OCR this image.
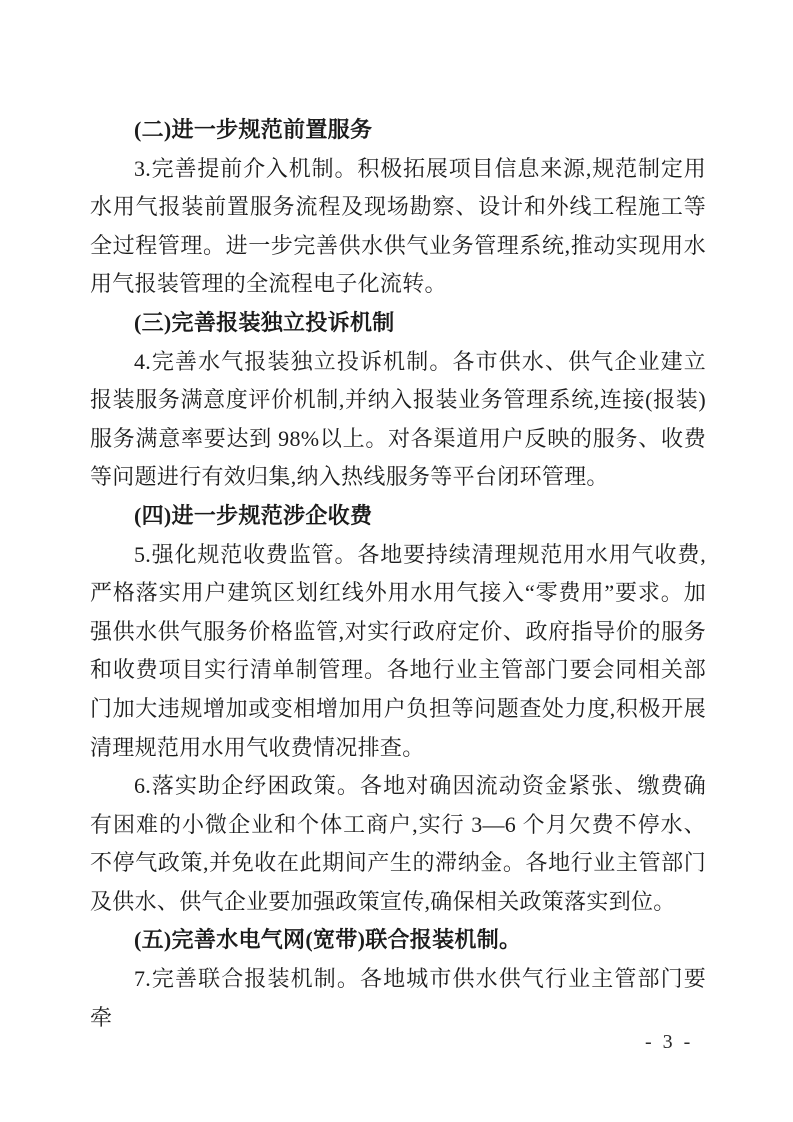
(二)进一步规范前置服务

3.完善提前介入机制。积极拓展项目信息来源,规范制定用水用气报装前置服务流程及现场勘察、设计和外线工程施工等全过程管理。进一步完善供水供气业务管理系统,推动实现用水用气报装管理的全流程电子化流转。

(三)完善报装独立投诉机制

4.完善水气报装独立投诉机制。各市供水、供气企业建立报装服务满意度评价机制,并纳入报装业务管理系统,连接(报装)服务满意率要达到 98%以上。对各渠道用户反映的服务、收费等问题进行有效归集,纳入热线服务等平台闭环管理。

(四)进一步规范涉企收费

5.强化规范收费监管。各地要持续清理规范用水用气收费,严格落实用户建筑区划红线外用水用气接入“零费用”要求。加强供水供气服务价格监管,对实行政府定价、政府指导价的服务和收费项目实行清单制管理。各地行业主管部门要会同相关部门加大违规增加或变相增加用户负担等问题查处力度,积极开展清理规范用水用气收费情况排查。

6.落实助企纾困政策。各地对确因流动资金紧张、缴费确有困难的小微企业和个体工商户,实行 3—6 个月欠费不停水、不停气政策,并免收在此期间产生的滞纳金。各地行业主管部门及供水、供气企业要加强政策宣传,确保相关政策落实到位。

(五)完善水电气网(宽带)联合报装机制。

7.完善联合报装机制。各地城市供水供气行业主管部门要牵

- 3 -
